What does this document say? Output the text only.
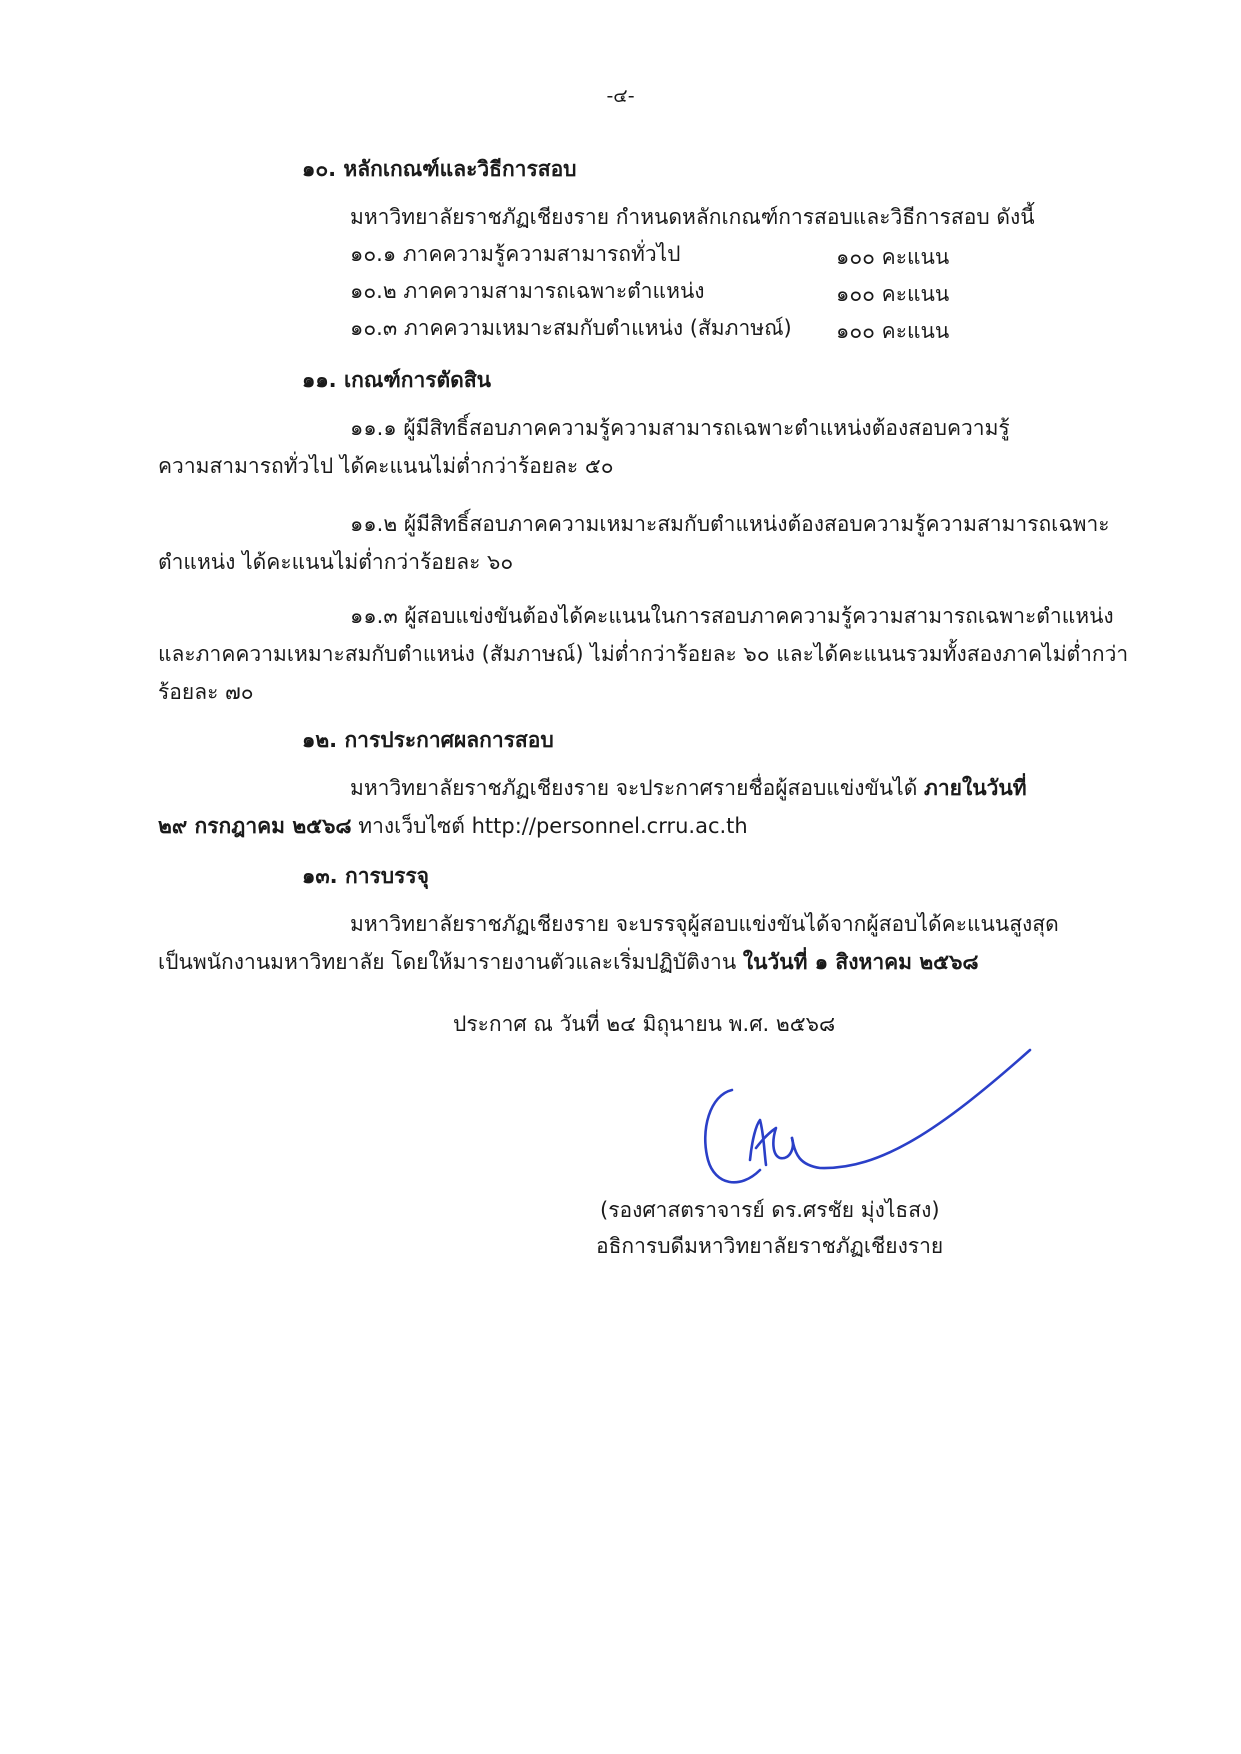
-๔-
๑๐. หลักเกณฑ์และวิธีการสอบ
มหาวิทยาลัยราชภัฏเชียงราย กำหนดหลักเกณฑ์การสอบและวิธีการสอบ ดังนี้
๑๐.๑ ภาคความรู้ความสามารถทั่วไป	๑๐๐ คะแนน
๑๐.๒ ภาคความสามารถเฉพาะตำแหน่ง	๑๐๐ คะแนน
๑๐.๓ ภาคความเหมาะสมกับตำแหน่ง (สัมภาษณ์) ๑๐๐ คะแนน
๑๑. เกณฑ์การตัดสิน
๑๑.๑ ผู้มีสิทธิ์สอบภาคความรู้ความสามารถเฉพาะตำแหน่งต้องสอบความรู้
ความสามารถทั่วไป ได้คะแนนไม่ต่ำกว่าร้อยละ ๕๐
๑๑.๒ ผู้มีสิทธิ์สอบภาคความเหมาะสมกับตำแหน่งต้องสอบความรู้ความสามารถเฉพาะ
ตำแหน่ง ได้คะแนนไม่ต่ำกว่าร้อยละ ๖๐
๑๑.๓ ผู้สอบแข่งขันต้องได้คะแนนในการสอบภาคความรู้ความสามารถเฉพาะตำแหน่ง
และภาคความเหมาะสมกับตำแหน่ง (สัมภาษณ์) ไม่ต่ำกว่าร้อยละ ๖๐ และได้คะแนนรวมทั้งสองภาคไม่ต่ำกว่า
ร้อยละ ๗๐
๑๒. การประกาศผลการสอบ
มหาวิทยาลัยราชภัฏเชียงราย จะประกาศรายชื่อผู้สอบแข่งขันได้ ภายในวันที่
๒๙ กรกฎาคม ๒๕๖๘ ทางเว็บไซต์ http://personnel.crru.ac.th
๑๓. การบรรจุ
มหาวิทยาลัยราชภัฏเชียงราย จะบรรจุผู้สอบแข่งขันได้จากผู้สอบได้คะแนนสูงสุด
เป็นพนักงานมหาวิทยาลัย โดยให้มารายงานตัวและเริ่มปฏิบัติงาน ในวันที่ ๑ สิงหาคม ๒๕๖๘
ประกาศ ณ วันที่ ๒๔ มิถุนายน พ.ศ. ๒๕๖๘
(รองศาสตราจารย์ ดร.ศรชัย มุ่งไธสง)
อธิการบดีมหาวิทยาลัยราชภัฏเชียงราย
